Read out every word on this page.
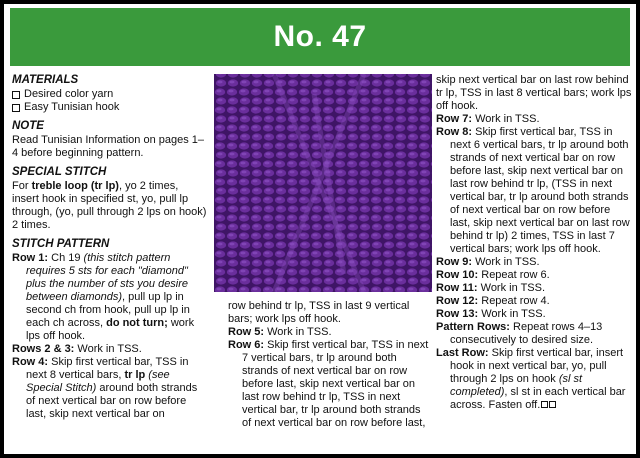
No. 47
MATERIALS
Desired color yarn
Easy Tunisian hook
NOTE

Read Tunisian Information on pages 1–4 before beginning pattern.

SPECIAL STITCH

For treble loop (tr lp), yo 2 times, insert hook in specified st, yo, pull lp through, (yo, pull through 2 lps on hook) 2 times.

STITCH PATTERN

Row 1: Ch 19 (this stitch pattern requires 5 sts for each "diamond" plus the number of sts you desire between diamonds), pull up lp in second ch from hook, pull up lp in each ch across, do not turn; work lps off hook.

Rows 2 & 3: Work in TSS.

Row 4: Skip first vertical bar, TSS in next 8 vertical bars, tr lp (see Special Stitch) around both strands of next vertical bar on row before last, skip next vertical bar on

row behind tr lp, TSS in last 9 vertical bars; work lps off hook.

Row 5: Work in TSS.

Row 6: Skip first vertical bar, TSS in next 7 vertical bars, tr lp around both strands of next vertical bar on row before last, skip next vertical bar on last row behind tr lp, TSS in next vertical bar, tr lp around both strands of next vertical bar on row before last,

skip next vertical bar on last row behind tr lp, TSS in last 8 vertical bars; work lps off hook.

Row 7: Work in TSS.

Row 8: Skip first vertical bar, TSS in next 6 vertical bars, tr lp around both strands of next vertical bar on row before last, skip next vertical bar on last row behind tr lp, (TSS in next vertical bar, tr lp around both strands of next vertical bar on row before last, skip next vertical bar on last row behind tr lp) 2 times, TSS in last 7 vertical bars; work lps off hook.

Row 9: Work in TSS.

Row 10: Repeat row 6.

Row 11: Work in TSS.

Row 12: Repeat row 4.

Row 13: Work in TSS.

Pattern Rows: Repeat rows 4–13 consecutively to desired size.

Last Row: Skip first vertical bar, insert hook in next vertical bar, yo, pull through 2 lps on hook (sl st completed), sl st in each vertical bar across. Fasten off.
